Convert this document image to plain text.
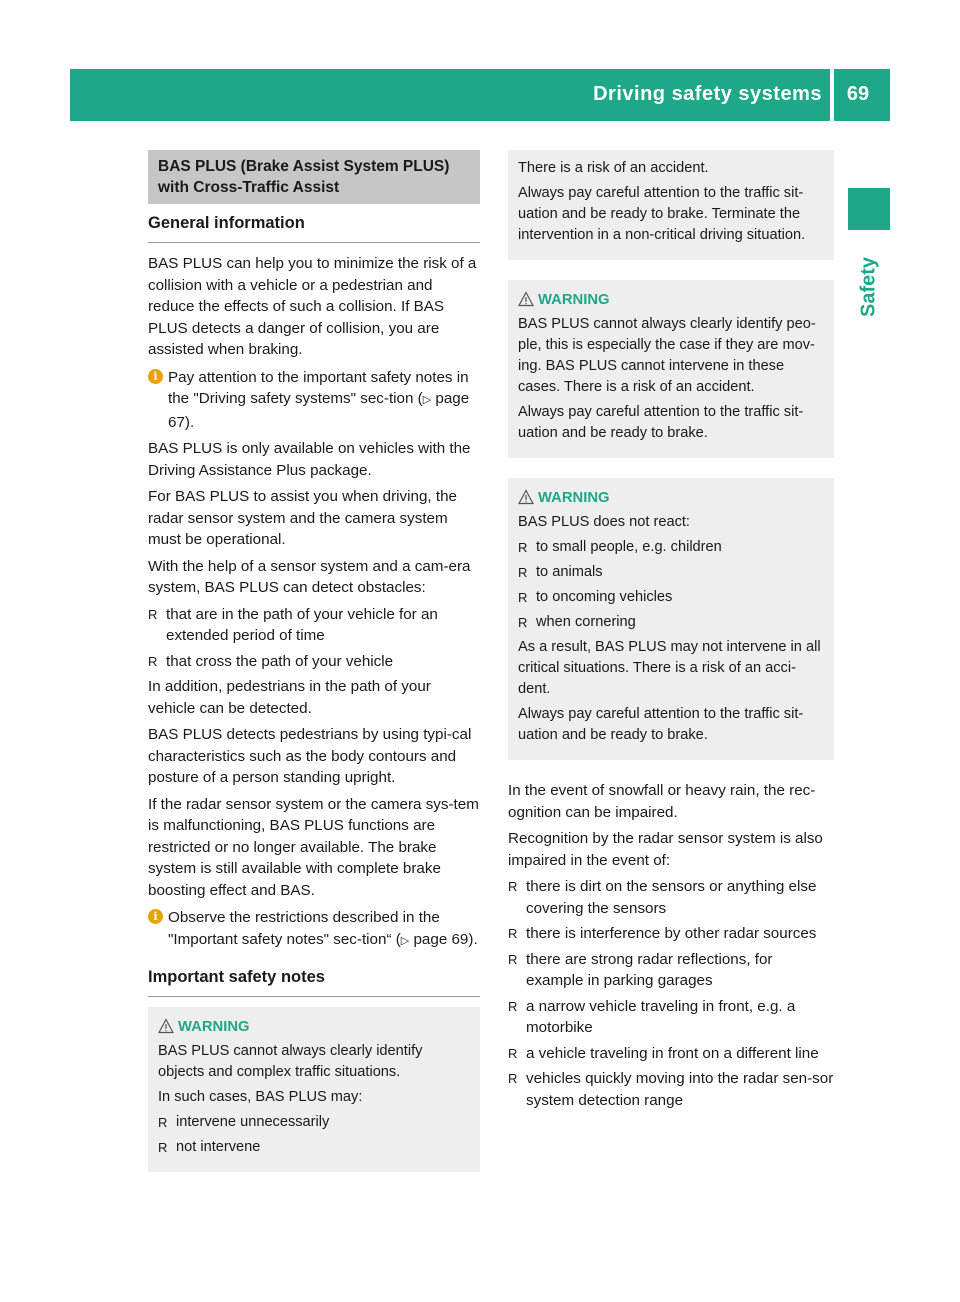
Driving safety systems	69
Safety
BAS PLUS (Brake Assist System PLUS) with Cross-Traffic Assist
General information

BAS PLUS can help you to minimize the risk of a collision with a vehicle or a pedestrian and reduce the effects of such a collision. If BAS PLUS detects a danger of collision, you are assisted when braking.

i Pay attention to the important safety notes in the "Driving safety systems" sec-tion (▷ page 67).

BAS PLUS is only available on vehicles with the Driving Assistance Plus package.

For BAS PLUS to assist you when driving, the radar sensor system and the camera system must be operational.

With the help of a sensor system and a cam-era system, BAS PLUS can detect obstacles:

R that are in the path of your vehicle for an extended period of time
R that cross the path of your vehicle

In addition, pedestrians in the path of your vehicle can be detected.

BAS PLUS detects pedestrians by using typi-cal characteristics such as the body contours and posture of a person standing upright.

If the radar sensor system or the camera sys-tem is malfunctioning, BAS PLUS functions are restricted or no longer available. The brake system is still available with complete brake boosting effect and BAS.

i Observe the restrictions described in the "Important safety notes" sec-tion“ (▷ page 69).
Important safety notes
WARNING

BAS PLUS cannot always clearly identify objects and complex traffic situations.

In such cases, BAS PLUS may:

R intervene unnecessarily
R not intervene

There is a risk of an accident.

Always pay careful attention to the traffic sit-uation and be ready to brake. Terminate the intervention in a non-critical driving situation.

WARNING

BAS PLUS cannot always clearly identify peo-ple, this is especially the case if they are mov-ing. BAS PLUS cannot intervene in these cases. There is a risk of an accident.

Always pay careful attention to the traffic sit-uation and be ready to brake.

WARNING

BAS PLUS does not react:

R to small people, e.g. children
R to animals
R to oncoming vehicles
R when cornering

As a result, BAS PLUS may not intervene in all critical situations. There is a risk of an acci-dent.

Always pay careful attention to the traffic sit-uation and be ready to brake.

In the event of snowfall or heavy rain, the rec-ognition can be impaired.

Recognition by the radar sensor system is also impaired in the event of:

R there is dirt on the sensors or anything else covering the sensors
R there is interference by other radar sources
R there are strong radar reflections, for example in parking garages
R a narrow vehicle traveling in front, e.g. a motorbike
R a vehicle traveling in front on a different line
R vehicles quickly moving into the radar sen-sor system detection range
